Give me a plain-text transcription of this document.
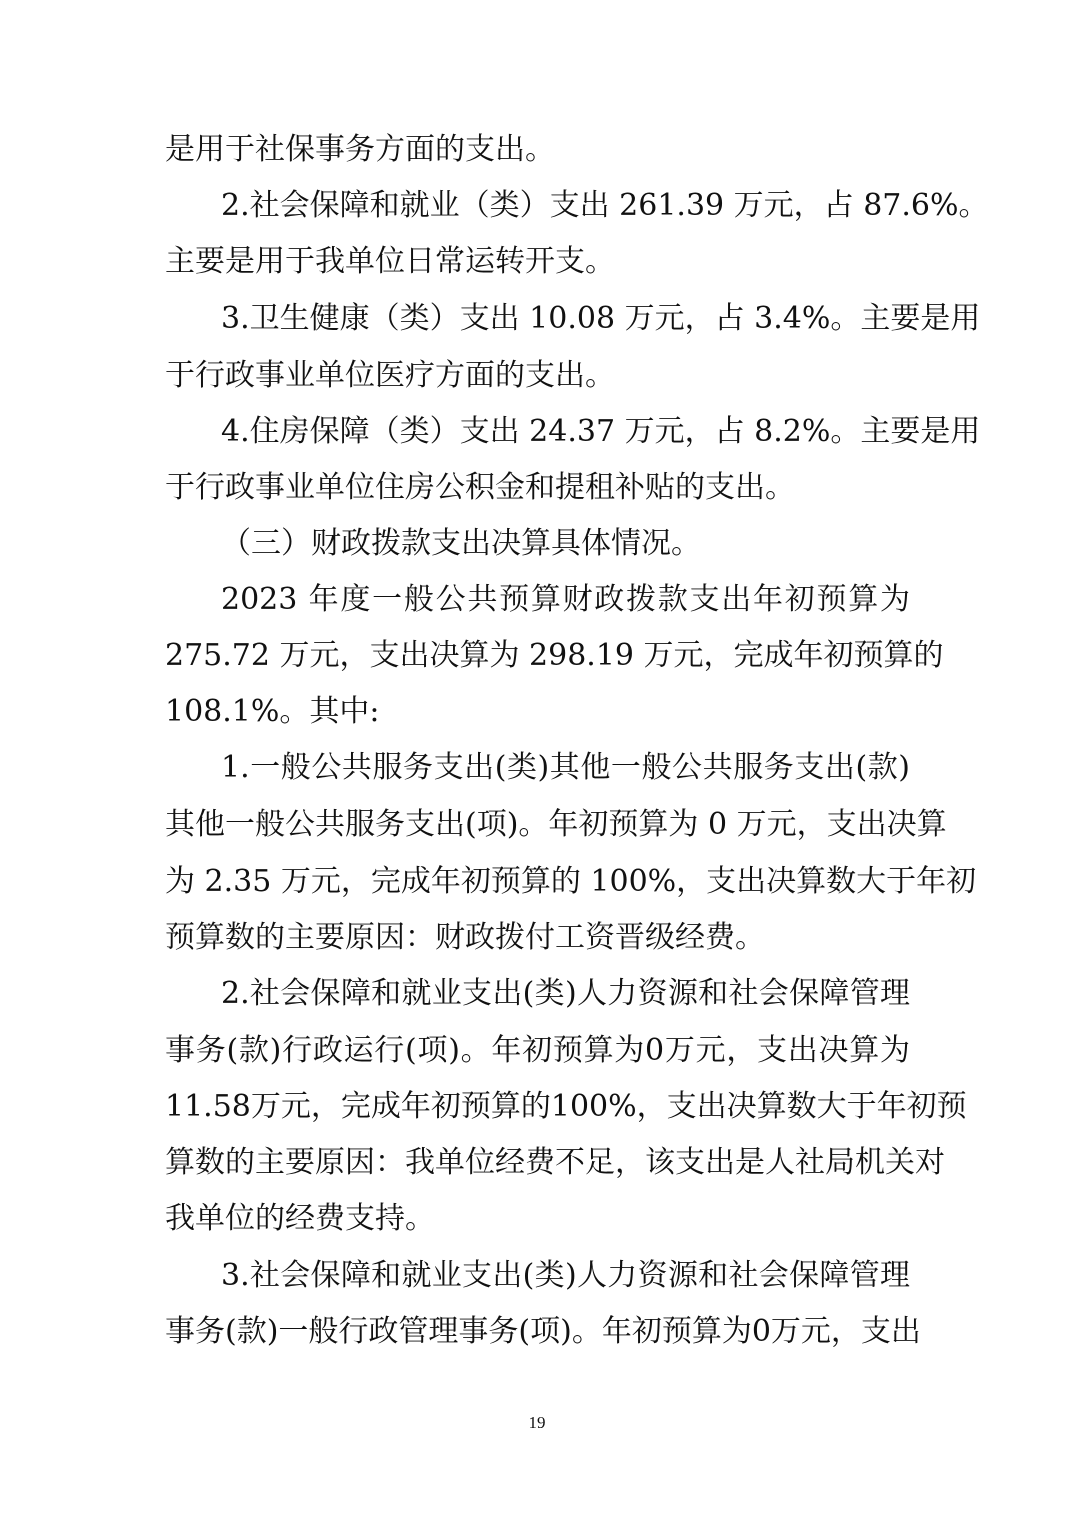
是用于社保事务方面的支出。
2.社会保障和就业（类）支出 261.39 万元，占 87.6%。
主要是用于我单位日常运转开支。
3.卫生健康（类）支出 10.08 万元，占 3.4%。主要是用
于行政事业单位医疗方面的支出。
4.住房保障（类）支出 24.37 万元，占 8.2%。主要是用
于行政事业单位住房公积金和提租补贴的支出。
（三）财政拨款支出决算具体情况。
2023 年度一般公共预算财政拨款支出年初预算为
275.72 万元，支出决算为 298.19 万元，完成年初预算的
108.1%。其中:
1.一般公共服务支出(类)其他一般公共服务支出(款)
其他一般公共服务支出(项)。年初预算为 0 万元，支出决算
为 2.35 万元，完成年初预算的 100%，支出决算数大于年初
预算数的主要原因：财政拨付工资晋级经费。
2.社会保障和就业支出(类)人力资源和社会保障管理
事务(款)行政运行(项)。年初预算为0万元，支出决算为
11.58万元，完成年初预算的100%，支出决算数大于年初预
算数的主要原因：我单位经费不足，该支出是人社局机关对
我单位的经费支持。
3.社会保障和就业支出(类)人力资源和社会保障管理
事务(款)一般行政管理事务(项)。年初预算为0万元，支出
19
